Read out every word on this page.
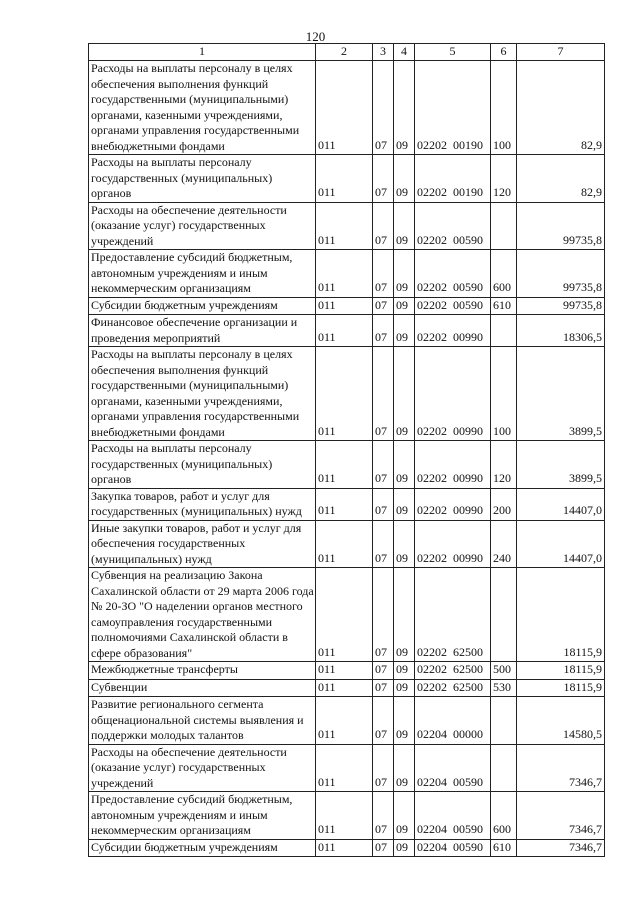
120
1	2	3	4	5	6	7
Расходы на выплаты персоналу в целях обеспечения выполнения функций государственными (муниципальными) органами, казенными учреждениями, органами управления государственными внебюджетными фондами	011	07	09	02202 00190	100	82,9
Расходы на выплаты персоналу государственных (муниципальных) органов	011	07	09	02202 00190	120	82,9
Расходы на обеспечение деятельности (оказание услуг) государственных учреждений	011	07	09	02202 00590		99735,8
Предоставление субсидий бюджетным, автономным учреждениям и иным некоммерческим организациям	011	07	09	02202 00590	600	99735,8
Субсидии бюджетным учреждениям	011	07	09	02202 00590	610	99735,8
Финансовое обеспечение организации и проведения мероприятий	011	07	09	02202 00990		18306,5
Расходы на выплаты персоналу в целях обеспечения выполнения функций государственными (муниципальными) органами, казенными учреждениями, органами управления государственными внебюджетными фондами	011	07	09	02202 00990	100	3899,5
Расходы на выплаты персоналу государственных (муниципальных) органов	011	07	09	02202 00990	120	3899,5
Закупка товаров, работ и услуг для государственных (муниципальных) нужд	011	07	09	02202 00990	200	14407,0
Иные закупки товаров, работ и услуг для обеспечения государственных (муниципальных) нужд	011	07	09	02202 00990	240	14407,0
Субвенция на реализацию Закона Сахалинской области от 29 марта 2006 года № 20-ЗО "О наделении органов местного самоуправления государственными полномочиями Сахалинской области в сфере образования"	011	07	09	02202 62500		18115,9
Межбюджетные трансферты	011	07	09	02202 62500	500	18115,9
Субвенции	011	07	09	02202 62500	530	18115,9
Развитие регионального сегмента общенациональной системы выявления и поддержки молодых талантов	011	07	09	02204 00000		14580,5
Расходы на обеспечение деятельности (оказание услуг) государственных учреждений	011	07	09	02204 00590		7346,7
Предоставление субсидий бюджетным, автономным учреждениям и иным некоммерческим организациям	011	07	09	02204 00590	600	7346,7
Субсидии бюджетным учреждениям	011	07	09	02204 00590	610	7346,7
